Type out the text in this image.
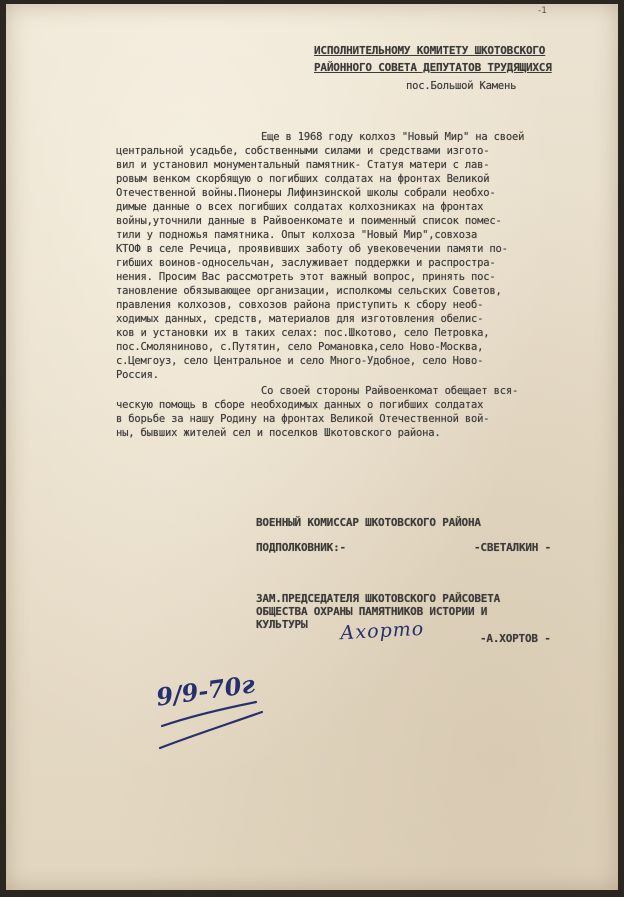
-1

ИСПОЛНИТЕЛЬНОМУ КОМИТЕТУ ШКОТОВСКОГО

РАЙОННОГО СОВЕТА ДЕПУТАТОВ ТРУДЯЩИХСЯ

пос.Большой Камень

Еще в 1968 году колхоз "Новый Мир" на своей

центральной усадьбе, собственными силами и средствами изгото-

вил и установил монументальный памятник- Статуя матери с лав-

ровым венком скорбящую о погибших солдатах на фронтах Великой

Отечественной войны.Пионеры Лифинзинской школы собрали необхо-

димые данные о всех погибших солдатах колхозниках на фронтах

войны,уточнили данные в Райвоенкомате и поименный список помес-

тили у подножья памятника. Опыт колхоза "Новый Мир",совхоза

КТОФ в селе Речица, проявивших заботу об увековечении памяти по-

гибших воинов-односельчан, заслуживает поддержки и распростра-

нения. Просим Вас рассмотреть этот важный вопрос, принять пос-

тановление обязывающее организации, исполкомы сельских Советов,

правления колхозов, совхозов района приступить к сбору необ-

ходимых данных, средств, материалов для изготовления обелис-

ков и установки их в таких селах: пос.Шкотово, село Петровка,

пос.Смоляниново, с.Путятин, село Романовка,село Ново-Москва,

с.Цемгоуз, село Центральное и село Много-Удобное, село Ново-

Россия.

Со своей стороны Райвоенкомат обещает вся-

ческую помощь в сборе необходимых данных о погибших солдатах

в борьбе за нашу Родину на фронтах Великой Отечественной вой-

ны, бывших жителей сел и поселков Шкотовского района.

ВОЕННЫЙ КОМИССАР ШКОТОВСКОГО РАЙОНА

ПОДПОЛКОВНИК:-	-СВЕТАЛКИН -

ЗАМ.ПРЕДСЕДАТЕЛЯ ШКОТОВСКОГО РАЙСОВЕТА

ОБЩЕСТВА ОХРАНЫ ПАМЯТНИКОВ ИСТОРИИ И

КУЛЬТУРЫ

-А.ХОРТОВ -

Ахорто
9/9-70г
